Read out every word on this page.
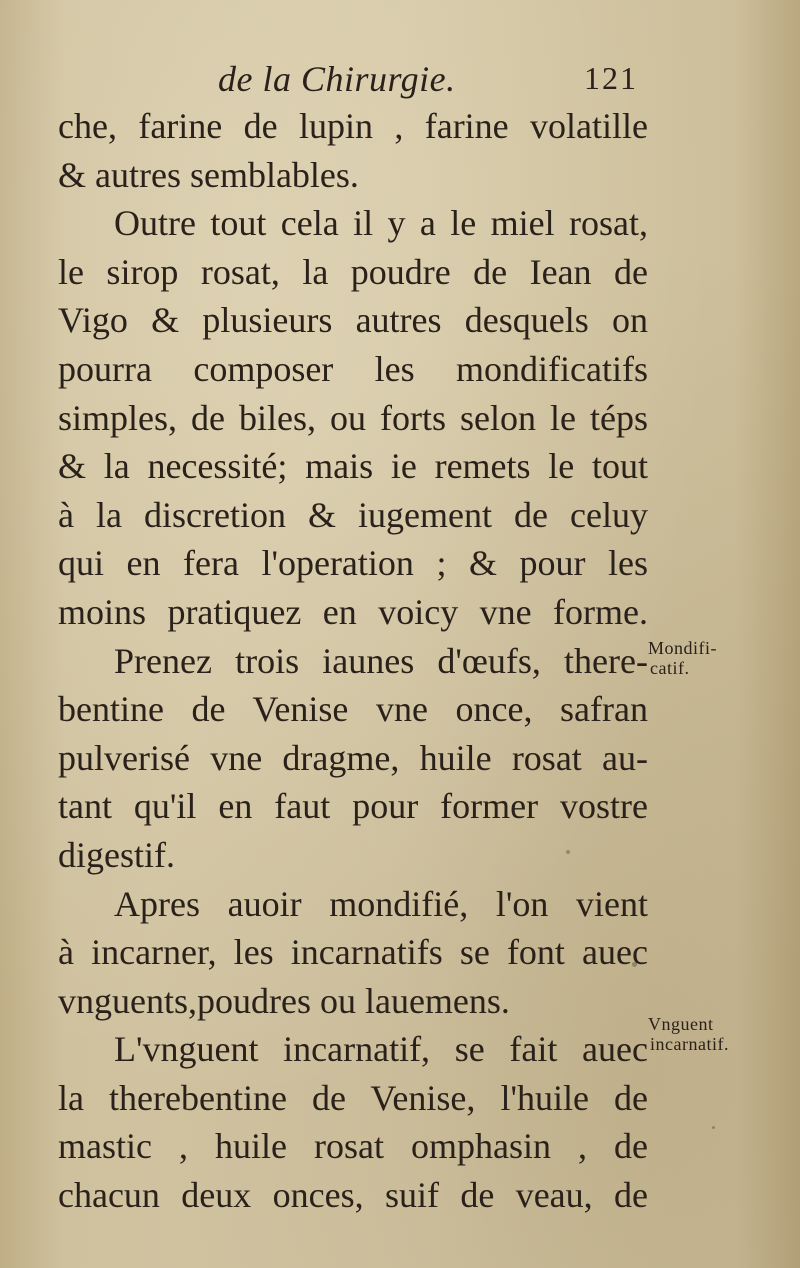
de la Chirurgie.	121
che, farine de lupin , farine volatille
& autres semblables.
Outre tout cela il y a le miel rosat,
le sirop rosat, la poudre de Iean de
Vigo & plusieurs autres desquels on
pourra composer les mondificatifs
simples, de biles, ou forts selon le téps
& la necessité; mais ie remets le tout
à la discretion & iugement de celuy
qui en fera l'operation ; & pour les
moins pratiquez en voicy vne forme.
Prenez trois iaunes d'œufs, there-
bentine de Venise vne once, safran
pulverisé vne dragme, huile rosat au-
tant qu'il en faut pour former vostre
digestif.
Apres auoir mondifié, l'on vient
à incarner, les incarnatifs se font auec
vnguents,poudres ou lauemens.
L'vnguent incarnatif, se fait auec
la therebentine de Venise, l'huile de
mastic , huile rosat omphasin , de
chacun deux onces, suif de veau, de
Mondifi-
catif.
Vnguent
incarnatif.
